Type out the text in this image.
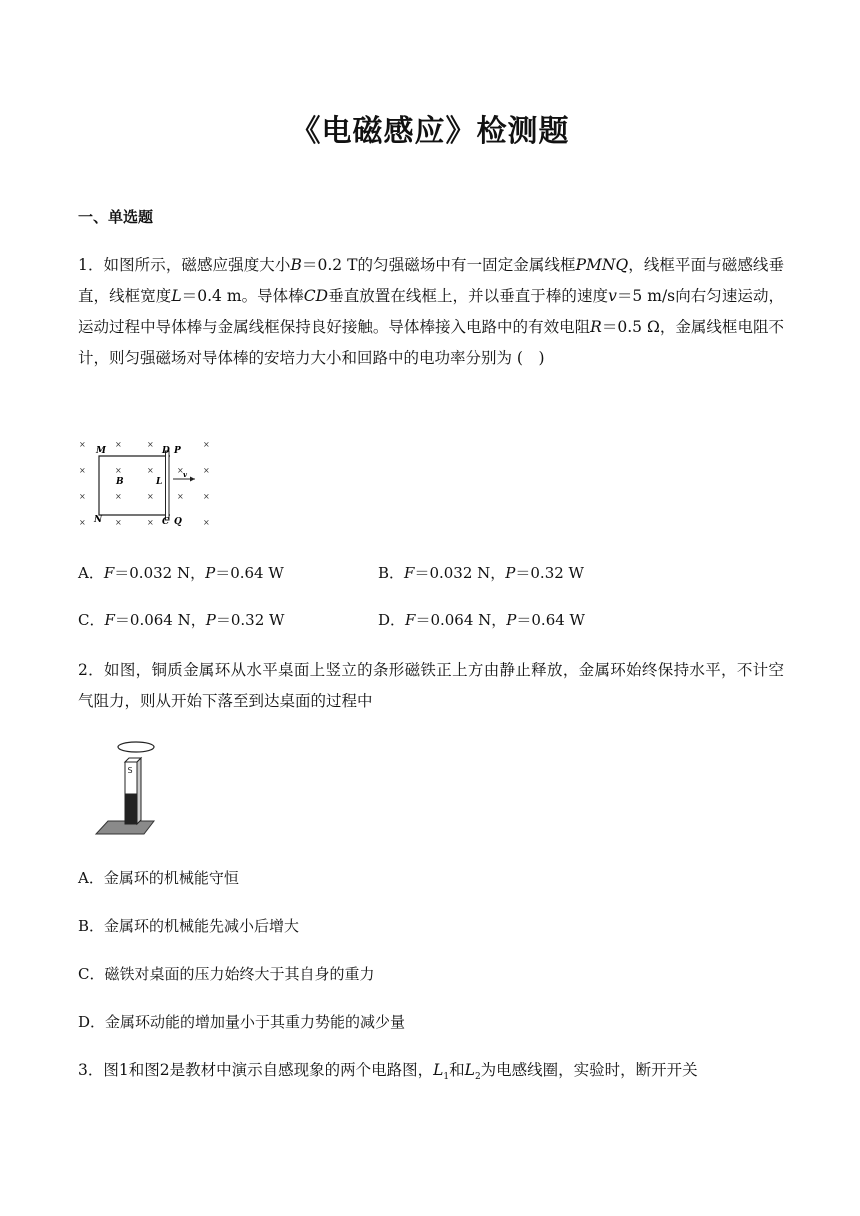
《电磁感应》检测题
一、单选题
1．如图所示，磁感应强度大小B＝0.2 T的匀强磁场中有一固定金属线框PMNQ，线框平面与磁感线垂直，线框宽度L＝0.4 m。导体棒CD垂直放置在线框上，并以垂直于棒的速度v＝5 m/s向右匀速运动，运动过程中导体棒与金属线框保持良好接触。导体棒接入电路中的有效电阻R＝0.5 Ω，金属线框电阻不计，则匀强磁场对导体棒的安培力大小和回路中的电功率分别为 (　)
×	×	×	×
×	×	×	× ×
×	×	×	× ×
×	×	×	×
M	D P
B	L
v
N	C Q
A．F＝0.032 N，P＝0.64 W	B．F＝0.032 N，P＝0.32 W
C．F＝0.064 N，P＝0.32 W	D．F＝0.064 N，P＝0.64 W
2．如图，铜质金属环从水平桌面上竖立的条形磁铁正上方由静止释放，金属环始终保持水平，不计空气阻力，则从开始下落至到达桌面的过程中
S
A．金属环的机械能守恒
B．金属环的机械能先减小后增大
C．磁铁对桌面的压力始终大于其自身的重力
D．金属环动能的增加量小于其重力势能的减少量
3．图1和图2是教材中演示自感现象的两个电路图，$L_1$和$L_2$为电感线圈，实验时，断开开关
